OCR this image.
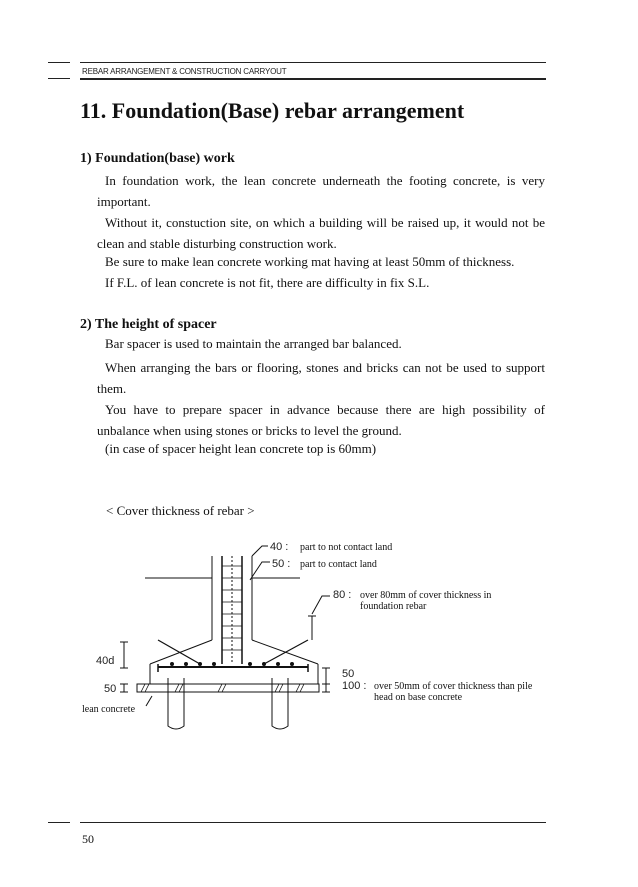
REBAR ARRANGEMENT & CONSTRUCTION CARRYOUT
11. Foundation(Base) rebar arrangement
1) Foundation(base) work
In foundation work, the lean concrete underneath the footing concrete, is very important.
Without it, constuction site, on which a building will be raised up, it would not be clean and stable disturbing construction work.
Be sure to make lean concrete working mat having at least 50mm of thickness.
If F.L. of lean concrete is not fit, there are difficulty in fix S.L.
2) The height of spacer
Bar spacer is used to maintain the arranged bar balanced.
When arranging the bars or flooring, stones and bricks can not be used to support them.
You have to prepare spacer in advance because there are high possibility of unbalance when using stones or bricks to level the ground.
(in case of spacer height lean concrete top is 60mm)
< Cover thickness of rebar >
40 : part to not contact land
50 : part to contact land
80 : over 80mm of cover thickness in
foundation rebar
50
100 : over 50mm of cover thickness than pile
head on base concrete
40d
50
lean concrete
50
